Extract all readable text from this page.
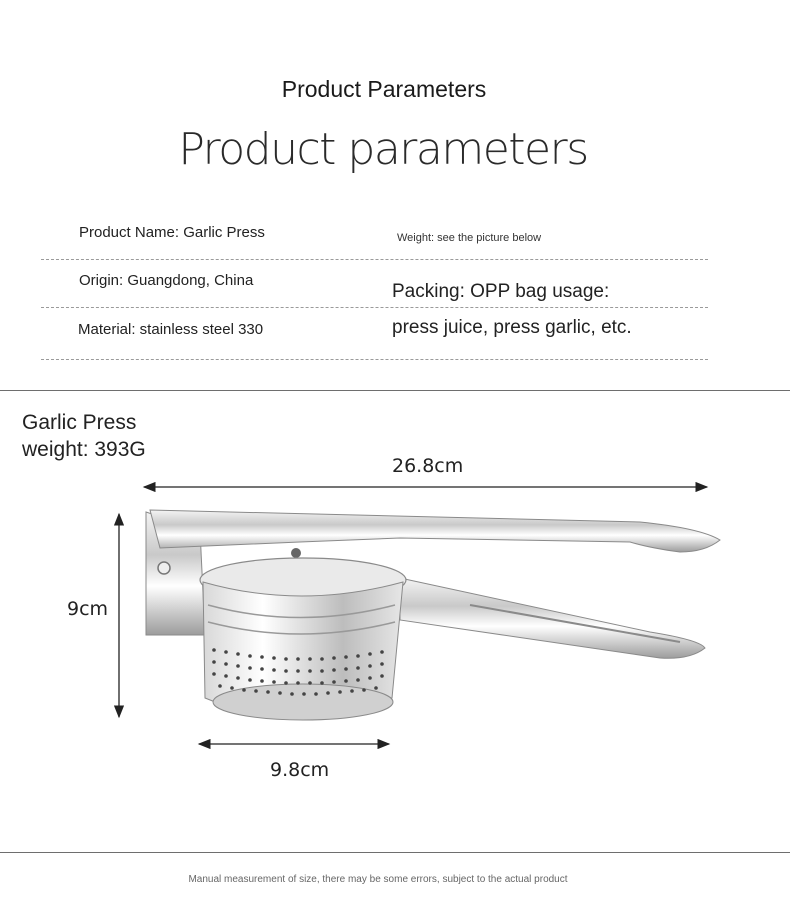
Product Parameters
Product parameters
Product Name: Garlic Press	Weight: see the picture below
Origin: Guangdong, China
Packing: OPP bag usage:
Material: stainless steel 330	press juice, press garlic, etc.
Garlic Press
weight: 393G
26.8cm
9cm
9.8cm
Manual measurement of size, there may be some errors, subject to the actual product
